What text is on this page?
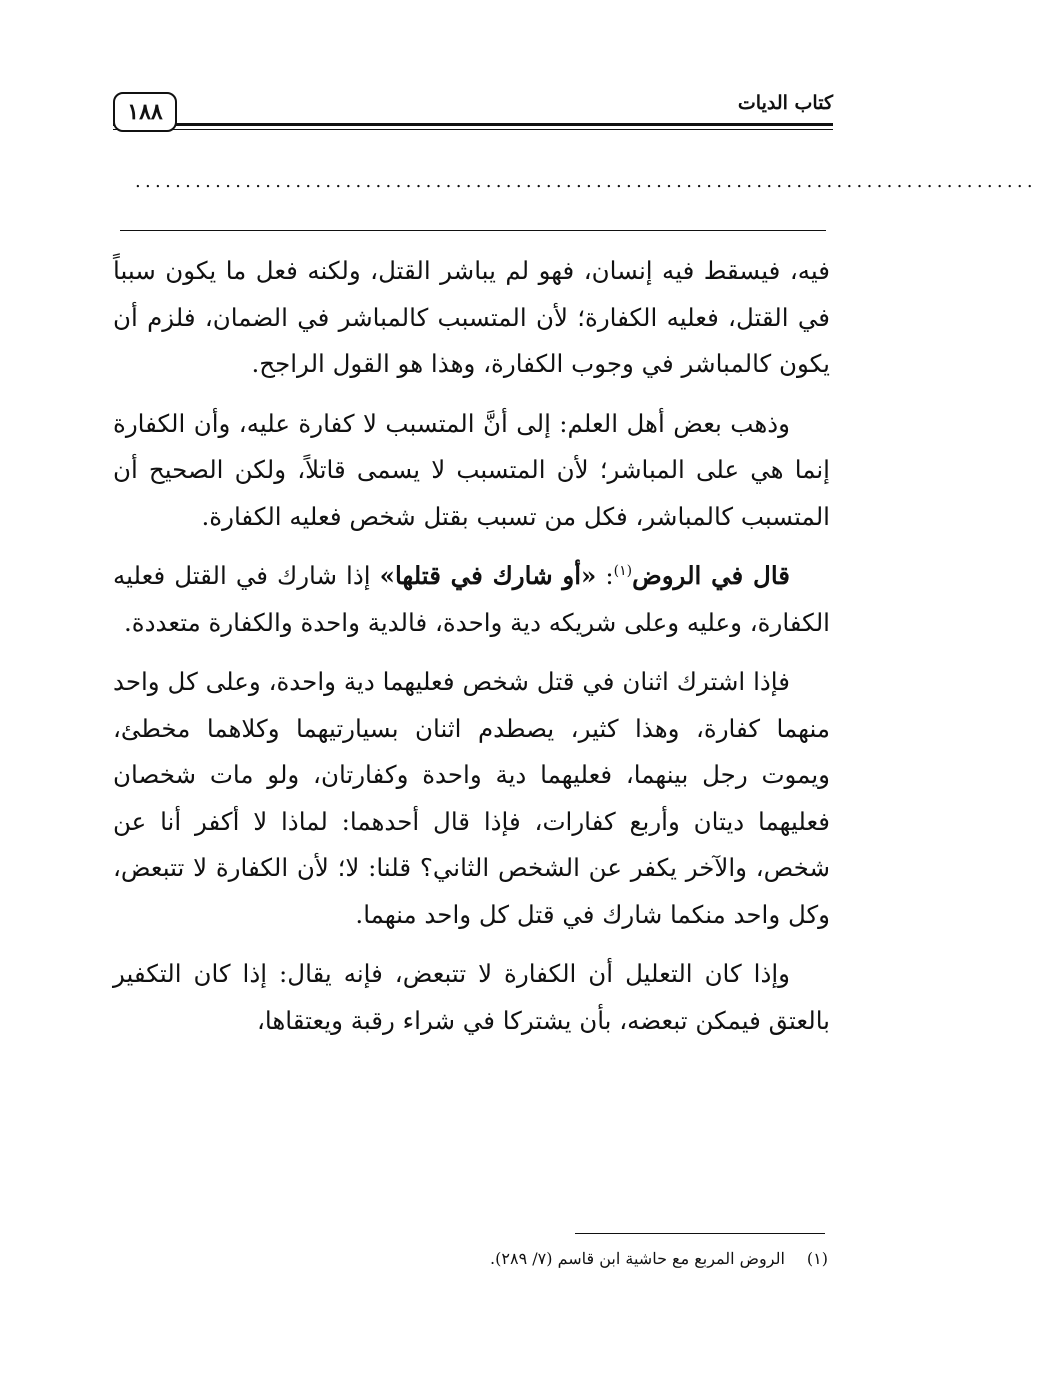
١٨٨	كتاب الديات
..........................................................................................

فيه، فيسقط فيه إنسان، فهو لم يباشر القتل، ولكنه فعل ما يكون سبباً في القتل، فعليه الكفارة؛ لأن المتسبب كالمباشر في الضمان، فلزم أن يكون كالمباشر في وجوب الكفارة، وهذا هو القول الراجح.

وذهب بعض أهل العلم: إلى أنَّ المتسبب لا كفارة عليه، وأن الكفارة إنما هي على المباشر؛ لأن المتسبب لا يسمى قاتلاً، ولكن الصحيح أن المتسبب كالمباشر، فكل من تسبب بقتل شخص فعليه الكفارة.

قال في الروض$^{(١)}$: «أو شارك في قتلها» إذا شارك في القتل فعليه الكفارة، وعليه وعلى شريكه دية واحدة، فالدية واحدة والكفارة متعددة.

فإذا اشترك اثنان في قتل شخص فعليهما دية واحدة، وعلى كل واحد منهما كفارة، وهذا كثير، يصطدم اثنان بسيارتيهما وكلاهما مخطئ، ويموت رجل بينهما، فعليهما دية واحدة وكفارتان، ولو مات شخصان فعليهما ديتان وأربع كفارات، فإذا قال أحدهما: لماذا لا أكفر أنا عن شخص، والآخر يكفر عن الشخص الثاني؟ قلنا: لا؛ لأن الكفارة لا تتبعض، وكل واحد منكما شارك في قتل كل واحد منهما.

وإذا كان التعليل أن الكفارة لا تتبعض، فإنه يقال: إذا كان التكفير بالعتق فيمكن تبعضه، بأن يشتركا في شراء رقبة ويعتقاها،

(١)الروض المربع مع حاشية ابن قاسم (٧/ ٢٨٩).
